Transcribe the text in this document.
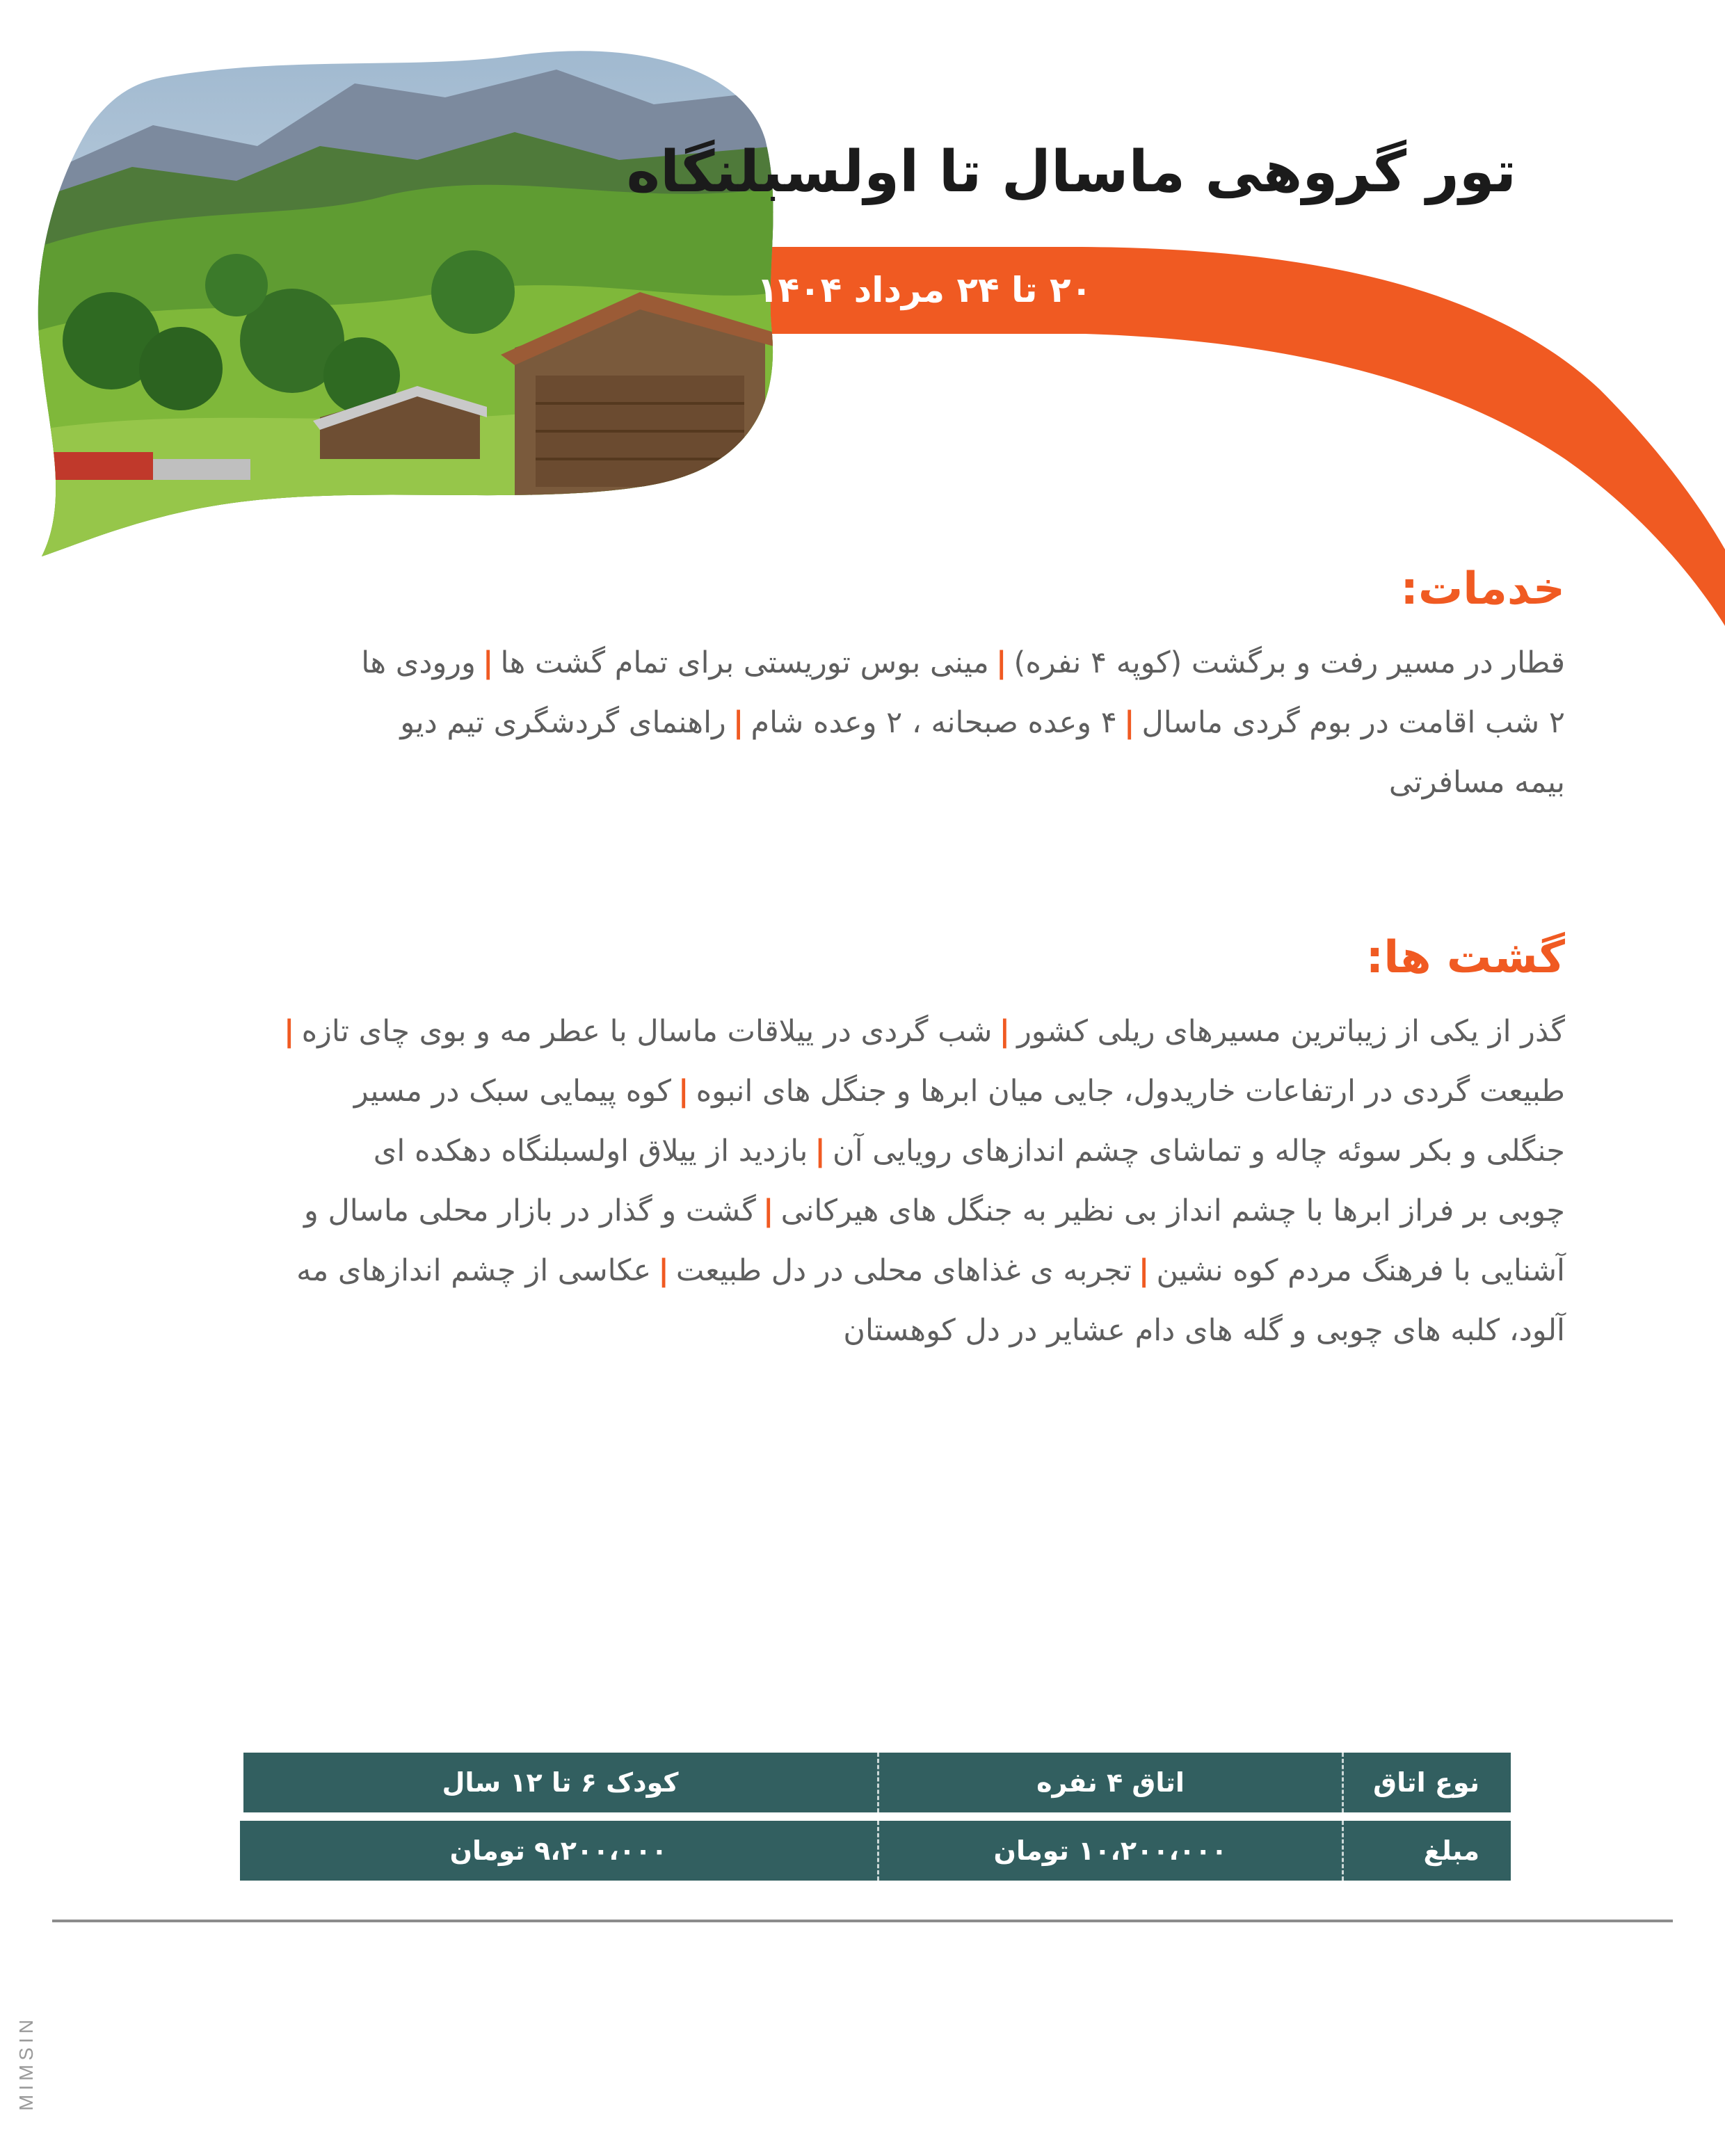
تور گروهی ماسال تا اولسبلنگاه
۲۰ تا ۲۴ مرداد ۱۴۰۴
خدمات:
قطار در مسیر رفت و برگشت (کوپه ۴ نفره)|مینی بوس توریستی برای تمام گشت ها|ورودی ها
۲ شب اقامت در بوم گردی ماسال|۴ وعده صبحانه ، ۲ وعده شام|راهنمای گردشگری تیم دیو
بیمه مسافرتی
گشت ها:
گذر از یکی از زیباترین مسیرهای ریلی کشور|شب گردی در ییلاقات ماسال با عطر مه و بوی چای تازه|
طبیعت گردی در ارتفاعات خاریدول، جایی میان ابرها و جنگل های انبوه|کوه پیمایی سبک در مسیر
جنگلی و بکر سوئه چاله و تماشای چشم اندازهای رویایی آن|بازدید از ییلاق اولسبلنگاه دهکده ای
چوبی بر فراز ابرها با چشم انداز بی نظیر به جنگل های هیرکانی|گشت و گذار در بازار محلی ماسال و
آشنایی با فرهنگ مردم کوه نشین|تجربه ی غذاهای محلی در دل طبیعت|عکاسی از چشم اندازهای مه
آلود، کلبه های چوبی و گله های دام عشایر در دل کوهستان
نوع اتاق
اتاق ۴ نفره
کودک ۶ تا ۱۲ سال
مبلغ
۱۰،۲۰۰،۰۰۰ تومان
۹،۲۰۰،۰۰۰ تومان
MIMSIN
